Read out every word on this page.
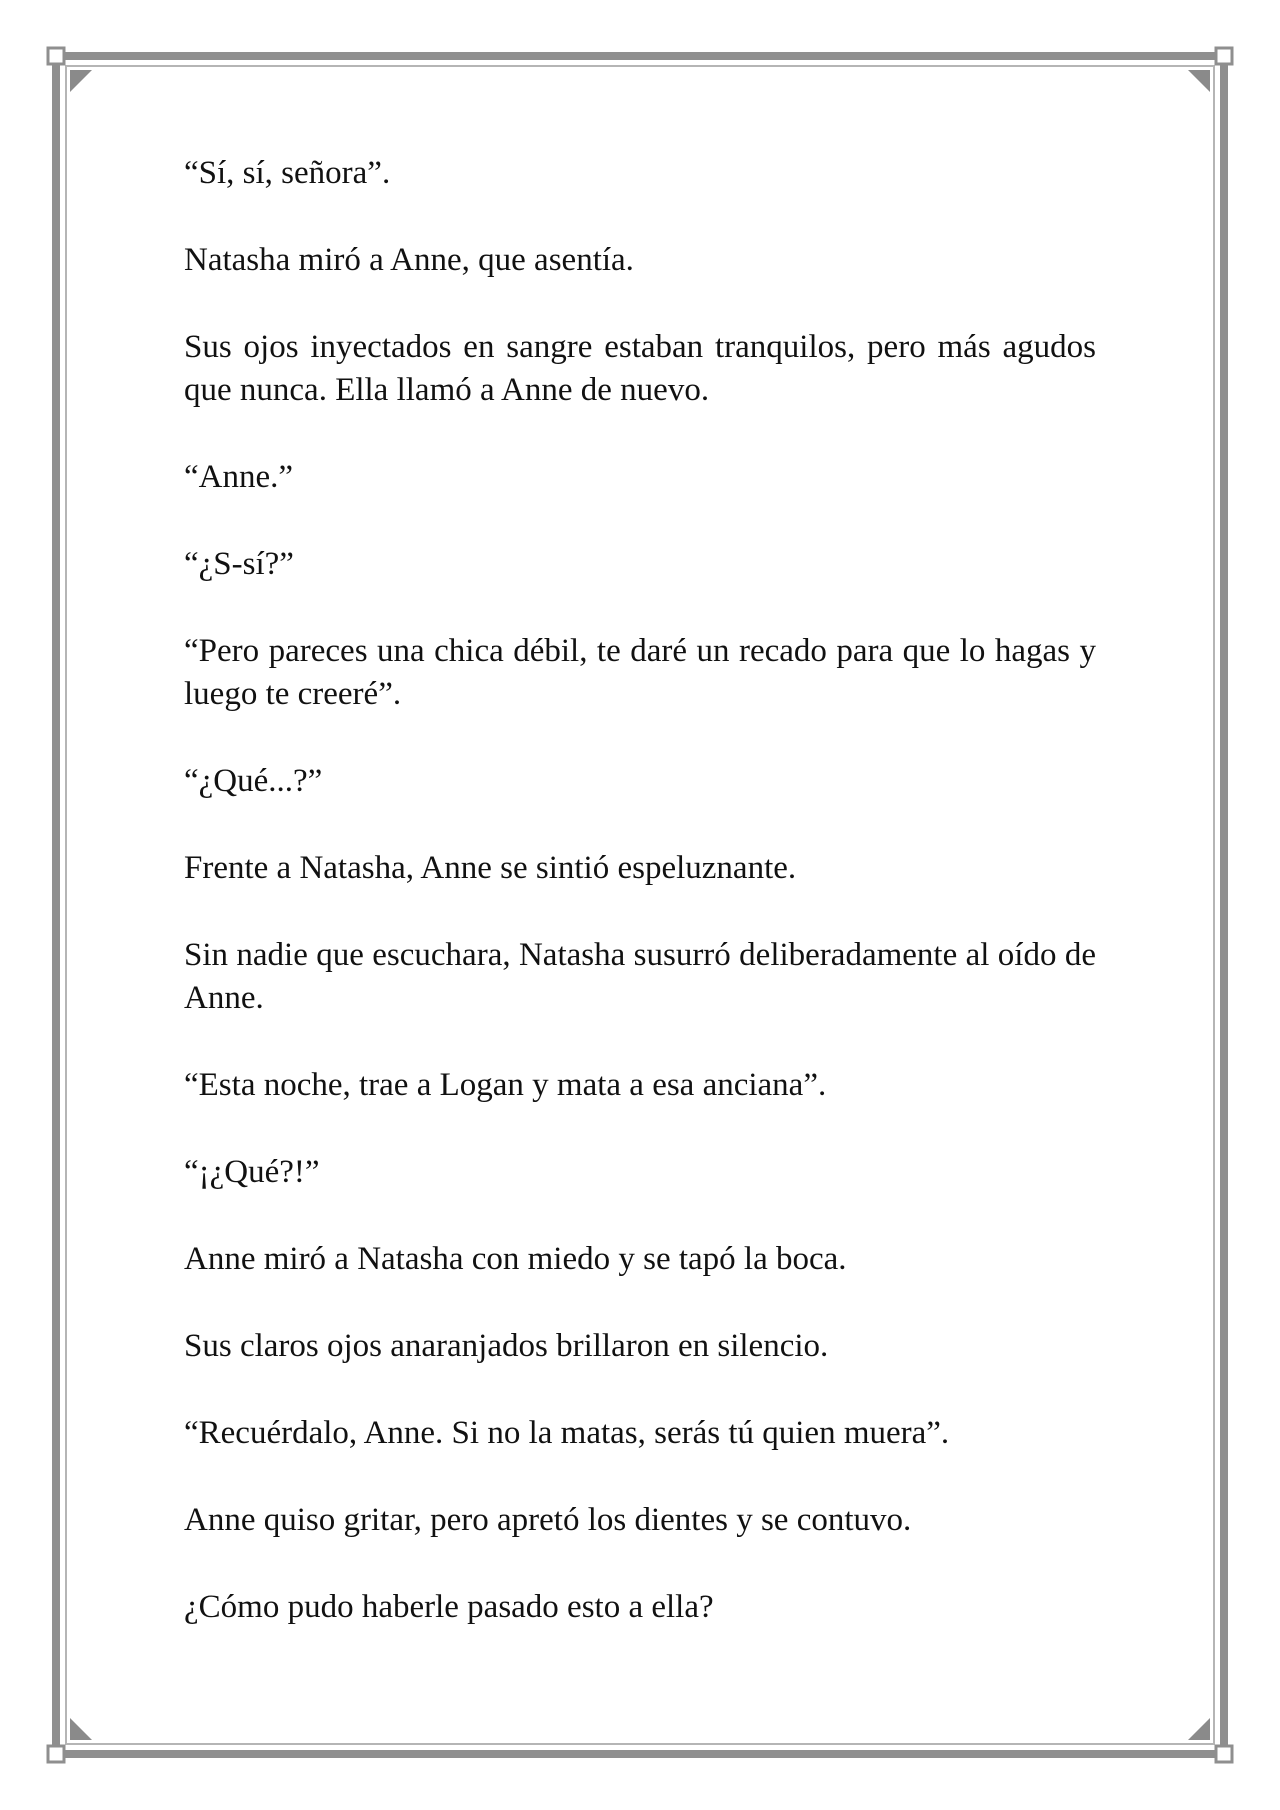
“Sí, sí, señora”.

Natasha miró a Anne, que asentía.

Sus ojos inyectados en sangre estaban tranquilos, pero más agudos que nunca. Ella llamó a Anne de nuevo.

“Anne.”

“¿S-sí?”

“Pero pareces una chica débil, te daré un recado para que lo hagas y luego te creeré”.

“¿Qué...?”

Frente a Natasha, Anne se sintió espeluznante.

Sin nadie que escuchara, Natasha susurró deliberadamente al oído de Anne.

“Esta noche, trae a Logan y mata a esa anciana”.

“¡¿Qué?!”

Anne miró a Natasha con miedo y se tapó la boca.

Sus claros ojos anaranjados brillaron en silencio.

“Recuérdalo, Anne. Si no la matas, serás tú quien muera”.

Anne quiso gritar, pero apretó los dientes y se contuvo.

¿Cómo pudo haberle pasado esto a ella?
